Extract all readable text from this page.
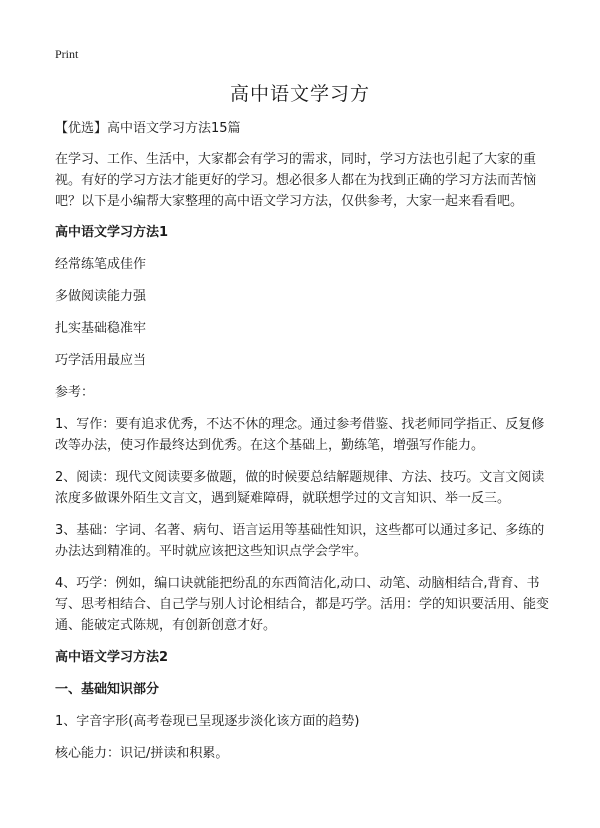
Print
高中语文学习方

【优选】高中语文学习方法15篇

在学习、工作、生活中，大家都会有学习的需求，同时，学习方法也引起了大家的重视。有好的学习方法才能更好的学习。想必很多人都在为找到正确的学习方法而苦恼吧？以下是小编帮大家整理的高中语文学习方法，仅供参考，大家一起来看看吧。

高中语文学习方法1

经常练笔成佳作

多做阅读能力强

扎实基础稳准牢

巧学活用最应当

参考：

1、写作：要有追求优秀，不达不休的理念。通过参考借鉴、找老师同学指正、反复修改等办法，使习作最终达到优秀。在这个基础上，勤练笔，增强写作能力。

2、阅读：现代文阅读要多做题，做的时候要总结解题规律、方法、技巧。文言文阅读浓度多做课外陌生文言文，遇到疑难障碍，就联想学过的文言知识、举一反三。

3、基础：字词、名著、病句、语言运用等基础性知识，这些都可以通过多记、多练的办法达到精准的。平时就应该把这些知识点学会学牢。

4、巧学：例如，编口诀就能把纷乱的东西简洁化,动口、动笔、动脑相结合,背育、书写、思考相结合、自己学与别人讨论相结合，都是巧学。活用：学的知识要活用、能变通、能破定式陈规，有创新创意才好。

高中语文学习方法2
一、基础知识部分

1、字音字形(高考卷现已呈现逐步淡化该方面的趋势)

核心能力：识记/拼读和积累。
